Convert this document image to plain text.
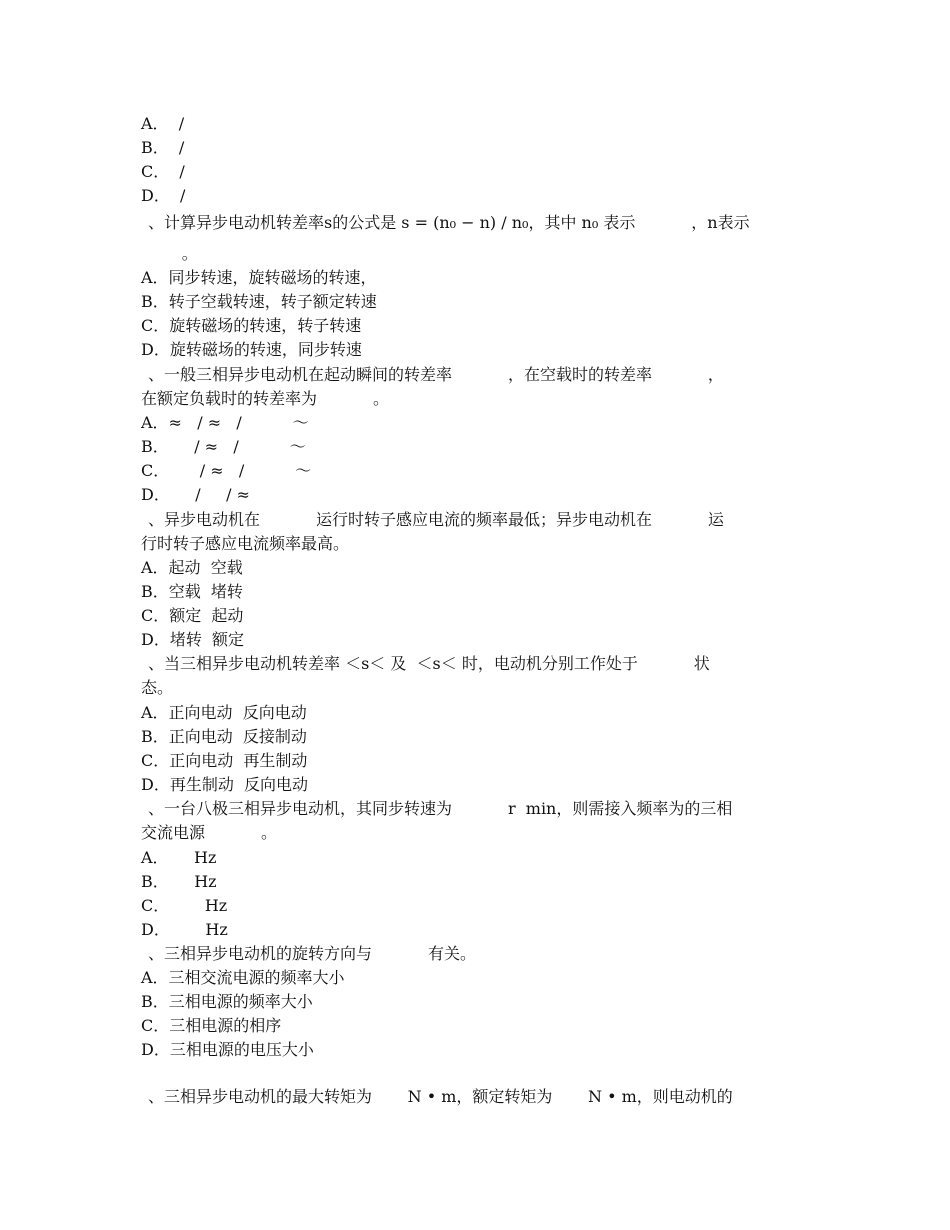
A．  /
B．  /
C．  /
D．  /
、计算异步电动机转差率s的公式是 s = (n₀ − n) / n₀，其中 n₀ 表示           ，n表示
。
A．同步转速，旋转磁场的转速，
B．转子空载转速，转子额定转速
C．旋转磁场的转速，转子转速
D．旋转磁场的转速，同步转速
、一般三相异步电动机在起动瞬间的转差率           ，在空载时的转差率           ，
在额定负载时的转差率为           。
A．≈   / ≈   /          ～
B．     / ≈   /          ～
C．      / ≈   /          ～
D．     /     / ≈
、异步电动机在           运行时转子感应电流的频率最低；异步电动机在           运
行时转子感应电流频率最高。
A．起动  空载
B．空载  堵转
C．额定  起动
D．堵转  额定
、当三相异步电动机转差率 ＜s＜ 及  ＜s＜ 时，电动机分别工作处于           状
态。
A．正向电动  反向电动
B．正向电动  反接制动
C．正向电动  再生制动
D．再生制动  反向电动
、一台八极三相异步电动机，其同步转速为           r  min，则需接入频率为的三相
交流电源           。
A．     Hz
B．     Hz
C．       Hz
D．       Hz
、三相异步电动机的旋转方向与           有关。
A．三相交流电源的频率大小
B．三相电源的频率大小
C．三相电源的相序
D．三相电源的电压大小
、三相异步电动机的最大转矩为       N • m，额定转矩为       N • m，则电动机的
